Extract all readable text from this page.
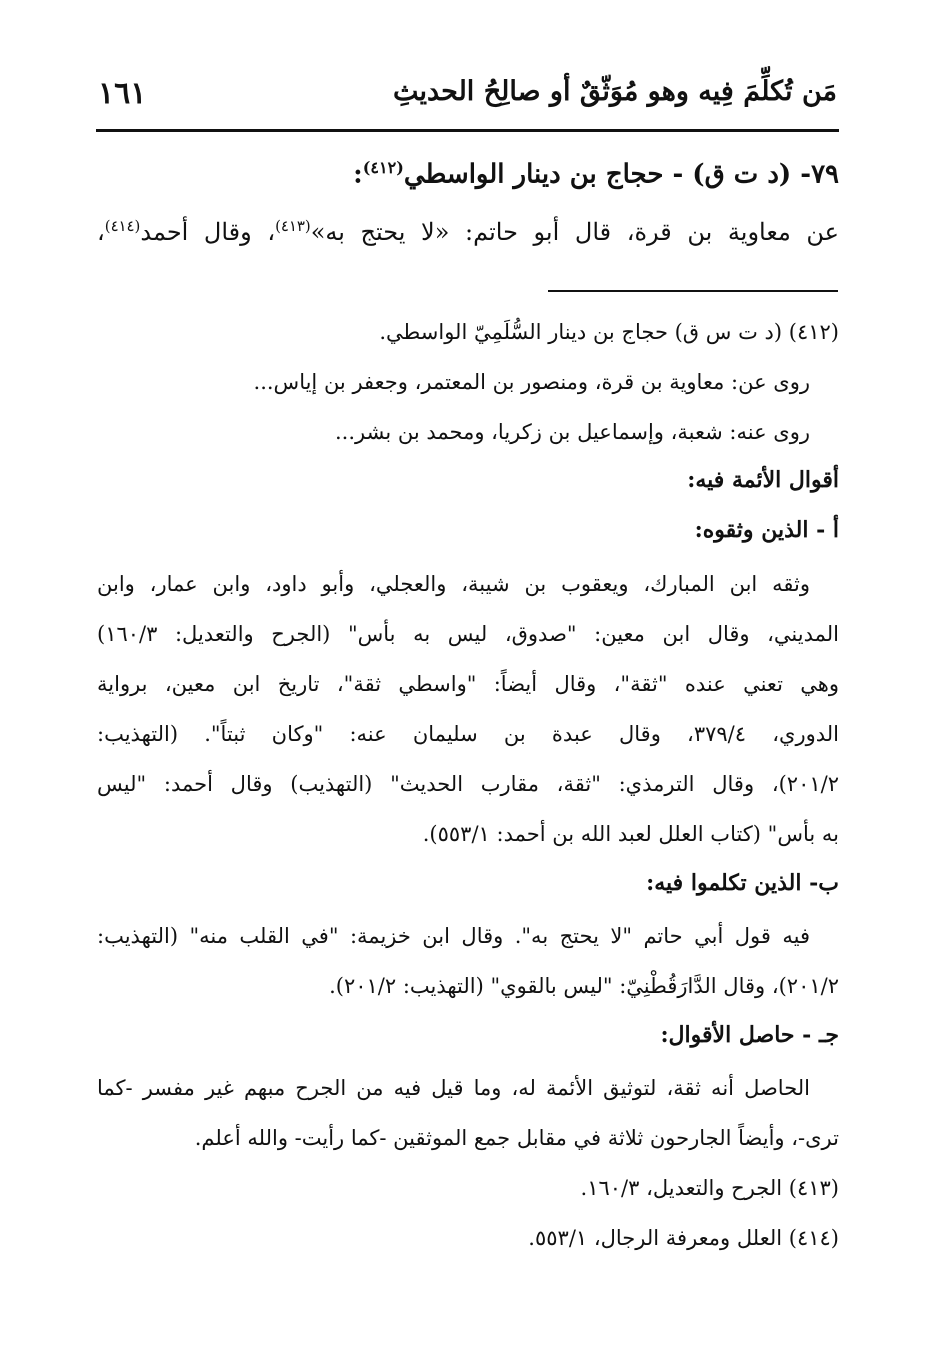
مَن تُكلِّمَ فِيه وهو مُوَثّقٌ أو صالِحُ الحديثِ
١٦١
٧٩- (د ت ق) - حجاج بن دينار الواسطي$^{(٤١٢)}$:
عن معاوية بن قرة، قال أبو حاتم: «لا يحتج به»$^{(٤١٣)}$، وقال أحمد$^{(٤١٤)}$،
(٤١٢) (د ت س ق) حجاج بن دينار السُّلَمِيّ الواسطي.
روى عن: معاوية بن قرة، ومنصور بن المعتمر، وجعفر بن إياس...
روى عنه: شعبة، وإسماعيل بن زكريا، ومحمد بن بشر...
أقوال الأئمة فيه:
أ - الذين وثقوه:
وثقه ابن المبارك، ويعقوب بن شيبة، والعجلي، وأبو داود، وابن عمار، وابن
المديني، وقال ابن معين: "صدوق، ليس به بأس" (الجرح والتعديل: ١٦٠/٣)
وهي تعني عنده "ثقة"، وقال أيضاً: "واسطي ثقة"، تاريخ ابن معين، برواية
الدوري، ٣٧٩/٤، وقال عبدة بن سليمان عنه: "وكان ثبتاً". (التهذيب:
٢٠١/٢)، وقال الترمذي: "ثقة، مقارب الحديث" (التهذيب) وقال أحمد: "ليس
به بأس" (كتاب العلل لعبد الله بن أحمد: ٥٥٣/١).
ب- الذين تكلموا فيه:
فيه قول أبي حاتم "لا يحتج به". وقال ابن خزيمة: "في القلب منه" (التهذيب:
٢٠١/٢)، وقال الدَّارَقُطْنِيّ: "ليس بالقوي" (التهذيب: ٢٠١/٢).
جـ - حاصل الأقوال:
الحاصل أنه ثقة، لتوثيق الأئمة له، وما قيل فيه من الجرح مبهم غير مفسر -كما
ترى-، وأيضاً الجارحون ثلاثة في مقابل جمع الموثقين -كما رأيت- والله أعلم.
(٤١٣) الجرح والتعديل، ١٦٠/٣.
(٤١٤) العلل ومعرفة الرجال، ٥٥٣/١.
